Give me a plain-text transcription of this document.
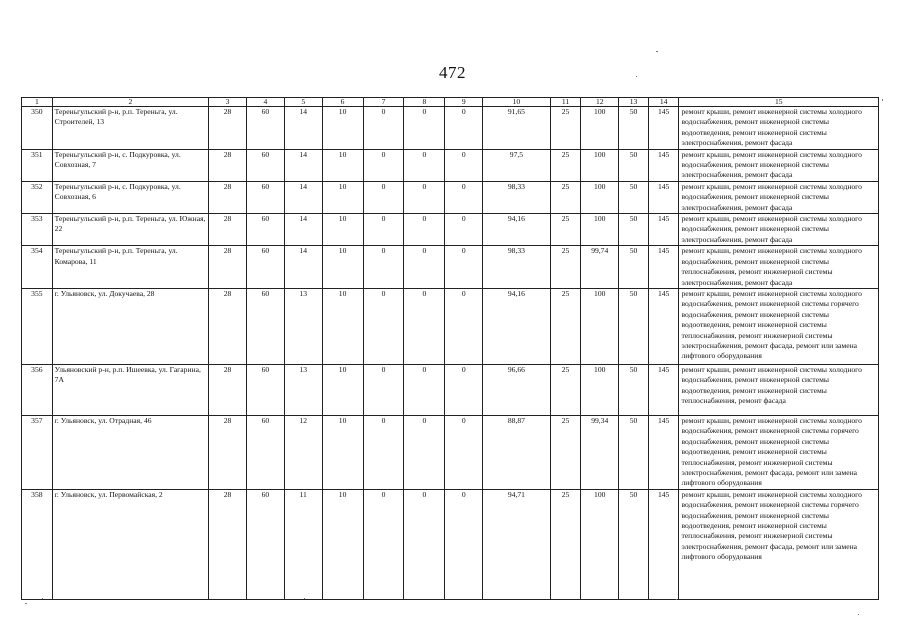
472
1	2	3	4	5	6	7	8	9	10	11	12	13	14	15
350	Тереньгульский р-н, р.п. Тереньга, ул. Строителей, 13	28	60	14	10	0	0	0	91,65	25	100	50	145	ремонт крыши, ремонт инженерной системы холодного водоснабжения, ремонт инженерной системы водоотведения, ремонт инженерной системы электроснабжения, ремонт фасада
351	Тереньгульский р-н, с. Подкуровка, ул. Совхозная, 7	28	60	14	10	0	0	0	97,5	25	100	50	145	ремонт крыши, ремонт инженерной системы холодного водоснабжения, ремонт инженерной системы электроснабжения, ремонт фасада
352	Тереньгульский р-н, с. Подкуровка, ул. Совхозная, 6	28	60	14	10	0	0	0	98,33	25	100	50	145	ремонт крыши, ремонт инженерной системы холодного водоснабжения, ремонт инженерной системы электроснабжения, ремонт фасада
353	Тереньгульский р-н, р.п. Тереньга, ул. Южная, 22	28	60	14	10	0	0	0	94,16	25	100	50	145	ремонт крыши, ремонт инженерной системы холодного водоснабжения, ремонт инженерной системы электроснабжения, ремонт фасада
354	Тереньгульский р-н, р.п. Тереньга, ул. Комарова, 11	28	60	14	10	0	0	0	98,33	25	99,74	50	145	ремонт крыши, ремонт инженерной системы холодного водоснабжения, ремонт инженерной системы теплоснабжения, ремонт инженерной системы электроснабжения, ремонт фасада
355	г. Ульяновск, ул. Докучаева, 28	28	60	13	10	0	0	0	94,16	25	100	50	145	ремонт крыши, ремонт инженерной системы холодного водоснабжения, ремонт инженерной системы горячего водоснабжения, ремонт инженерной системы водоотведения, ремонт инженерной системы теплоснабжения, ремонт инженерной системы электроснабжения, ремонт фасада, ремонт или замена лифтового оборудования
356	Ульяновский р-н, р.п. Ишеевка, ул. Гагарина, 7А	28	60	13	10	0	0	0	96,66	25	100	50	145	ремонт крыши, ремонт инженерной системы холодного водоснабжения, ремонт инженерной системы водоотведения, ремонт инженерной системы теплоснабжения, ремонт фасада
357	г. Ульяновск, ул. Отрадная, 46	28	60	12	10	0	0	0	88,87	25	99,34	50	145	ремонт крыши, ремонт инженерной системы холодного водоснабжения, ремонт инженерной системы горячего водоснабжения, ремонт инженерной системы водоотведения, ремонт инженерной системы теплоснабжения, ремонт инженерной системы электроснабжения, ремонт фасада, ремонт или замена лифтового оборудования
358	г. Ульяновск, ул. Первомайская, 2	28	60	11	10	0	0	0	94,71	25	100	50	145	ремонт крыши, ремонт инженерной системы холодного водоснабжения, ремонт инженерной системы горячего водоснабжения, ремонт инженерной системы водоотведения, ремонт инженерной системы теплоснабжения, ремонт инженерной системы электроснабжения, ремонт фасада, ремонт или замена лифтового оборудования
